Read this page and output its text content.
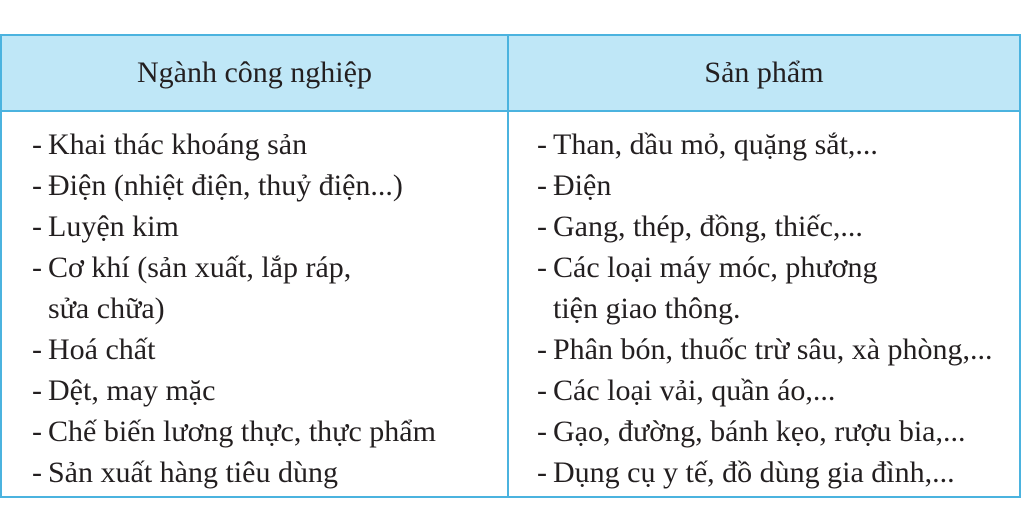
Ngành công nghiệp	Sản phẩm
- Khai thác khoáng sản
- Điện (nhiệt điện, thuỷ điện...)
- Luyện kim
- Cơ khí (sản xuất, lắp ráp,
sửa chữa)
- Hoá chất
- Dệt, may mặc
- Chế biến lương thực, thực phẩm
- Sản xuất hàng tiêu dùng
- Than, dầu mỏ, quặng sắt,...
- Điện
- Gang, thép, đồng, thiếc,...
- Các loại máy móc, phương
tiện giao thông.
- Phân bón, thuốc trừ sâu, xà phòng,...
- Các loại vải, quần áo,...
- Gạo, đường, bánh kẹo, rượu bia,...
- Dụng cụ y tế, đồ dùng gia đình,...
